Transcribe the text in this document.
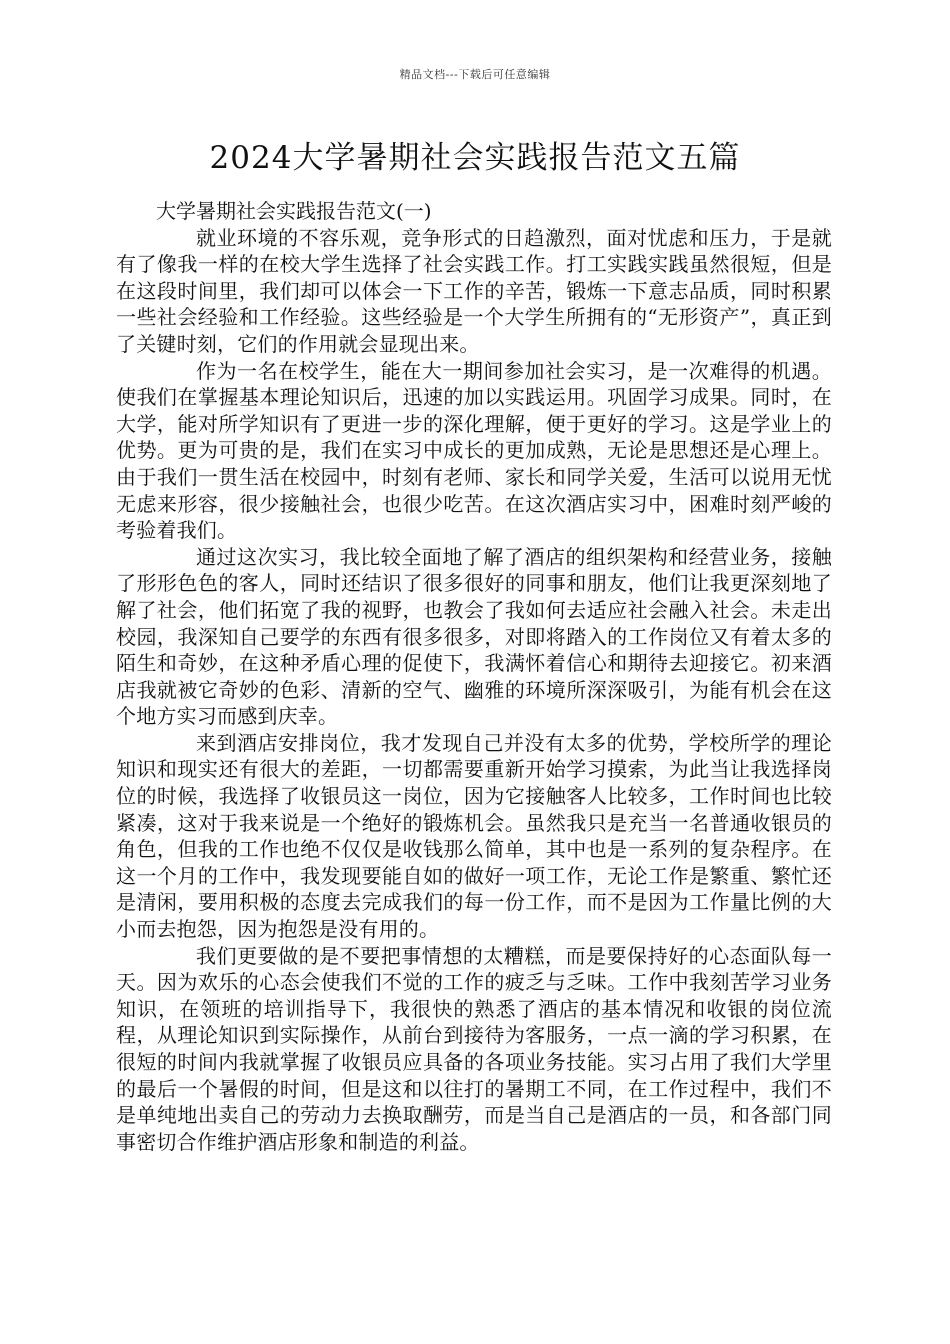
精品文档---下载后可任意编辑
2024大学暑期社会实践报告范文五篇

大学暑期社会实践报告范文(一)

就业环境的不容乐观，竞争形式的日趋激烈，面对忧虑和压力，于是就有了像我一样的在校大学生选择了社会实践工作。打工实践实践虽然很短，但是在这段时间里，我们却可以体会一下工作的辛苦，锻炼一下意志品质，同时积累一些社会经验和工作经验。这些经验是一个大学生所拥有的“无形资产”，真正到了关键时刻，它们的作用就会显现出来。

作为一名在校学生，能在大一期间参加社会实习，是一次难得的机遇。使我们在掌握基本理论知识后，迅速的加以实践运用。巩固学习成果。同时，在大学，能对所学知识有了更进一步的深化理解，便于更好的学习。这是学业上的优势。更为可贵的是，我们在实习中成长的更加成熟，无论是思想还是心理上。由于我们一贯生活在校园中，时刻有老师、家长和同学关爱，生活可以说用无忧无虑来形容，很少接触社会，也很少吃苦。在这次酒店实习中，困难时刻严峻的考验着我们。

通过这次实习，我比较全面地了解了酒店的组织架构和经营业务，接触了形形色色的客人，同时还结识了很多很好的同事和朋友，他们让我更深刻地了解了社会，他们拓宽了我的视野，也教会了我如何去适应社会融入社会。未走出校园，我深知自己要学的东西有很多很多，对即将踏入的工作岗位又有着太多的陌生和奇妙，在这种矛盾心理的促使下，我满怀着信心和期待去迎接它。初来酒店我就被它奇妙的色彩、清新的空气、幽雅的环境所深深吸引，为能有机会在这个地方实习而感到庆幸。

来到酒店安排岗位，我才发现自己并没有太多的优势，学校所学的理论知识和现实还有很大的差距，一切都需要重新开始学习摸索，为此当让我选择岗位的时候，我选择了收银员这一岗位，因为它接触客人比较多，工作时间也比较紧凑，这对于我来说是一个绝好的锻炼机会。虽然我只是充当一名普通收银员的角色，但我的工作也绝不仅仅是收钱那么简单，其中也是一系列的复杂程序。在这一个月的工作中，我发现要能自如的做好一项工作，无论工作是繁重、繁忙还是清闲，要用积极的态度去完成我们的每一份工作，而不是因为工作量比例的大小而去抱怨，因为抱怨是没有用的。

我们更要做的是不要把事情想的太糟糕，而是要保持好的心态面队每一天。因为欢乐的心态会使我们不觉的工作的疲乏与乏味。工作中我刻苦学习业务知识，在领班的培训指导下，我很快的熟悉了酒店的基本情况和收银的岗位流程，从理论知识到实际操作，从前台到接待为客服务，一点一滴的学习积累，在很短的时间内我就掌握了收银员应具备的各项业务技能。实习占用了我们大学里的最后一个暑假的时间，但是这和以往打的暑期工不同，在工作过程中，我们不是单纯地出卖自己的劳动力去换取酬劳，而是当自己是酒店的一员，和各部门同事密切合作维护酒店形象和制造的利益。
